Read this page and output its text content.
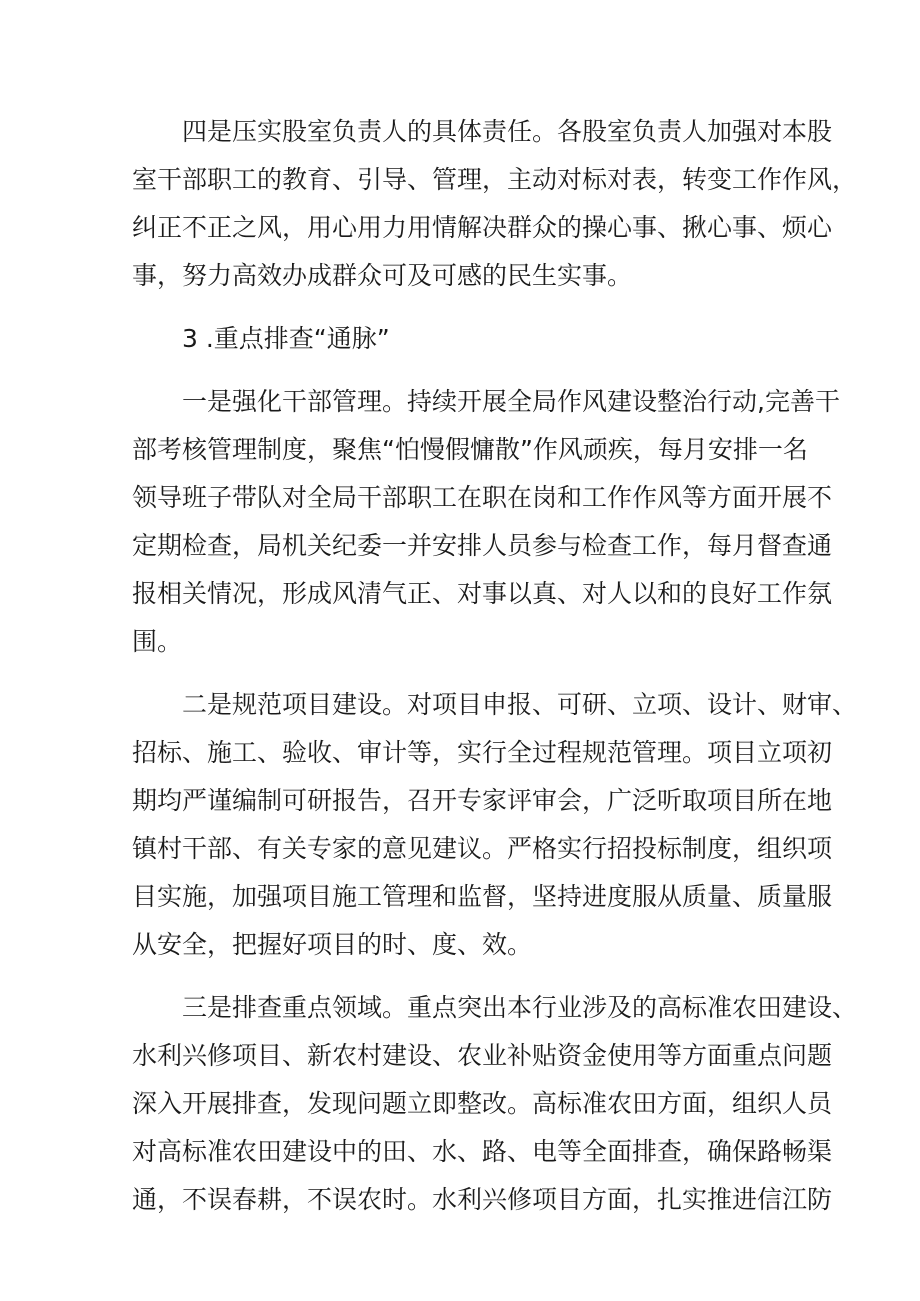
四是压实股室负责人的具体责任。各股室负责人加强对本股
室干部职工的教育、引导、管理，主动对标对表，转变工作作风，
纠正不正之风，用心用力用情解决群众的操心事、揪心事、烦心
事，努力高效办成群众可及可感的民生实事。

3 .重点排查“通脉”

一是强化干部管理。持续开展全局作风建设整治行动,完善干
部考核管理制度，聚焦“怕慢假慵散”作风顽疾，每月安排一名
领导班子带队对全局干部职工在职在岗和工作作风等方面开展不
定期检查，局机关纪委一并安排人员参与检查工作，每月督查通
报相关情况，形成风清气正、对事以真、对人以和的良好工作氛
围。

二是规范项目建设。对项目申报、可研、立项、设计、财审、
招标、施工、验收、审计等，实行全过程规范管理。项目立项初
期均严谨编制可研报告，召开专家评审会，广泛听取项目所在地
镇村干部、有关专家的意见建议。严格实行招投标制度，组织项
目实施，加强项目施工管理和监督，坚持进度服从质量、质量服
从安全，把握好项目的时、度、效。

三是排查重点领域。重点突出本行业涉及的高标准农田建设、
水利兴修项目、新农村建设、农业补贴资金使用等方面重点问题
深入开展排查，发现问题立即整改。高标准农田方面，组织人员
对高标准农田建设中的田、水、路、电等全面排查，确保路畅渠
通，不误春耕，不误农时。水利兴修项目方面，扎实推进信江防
